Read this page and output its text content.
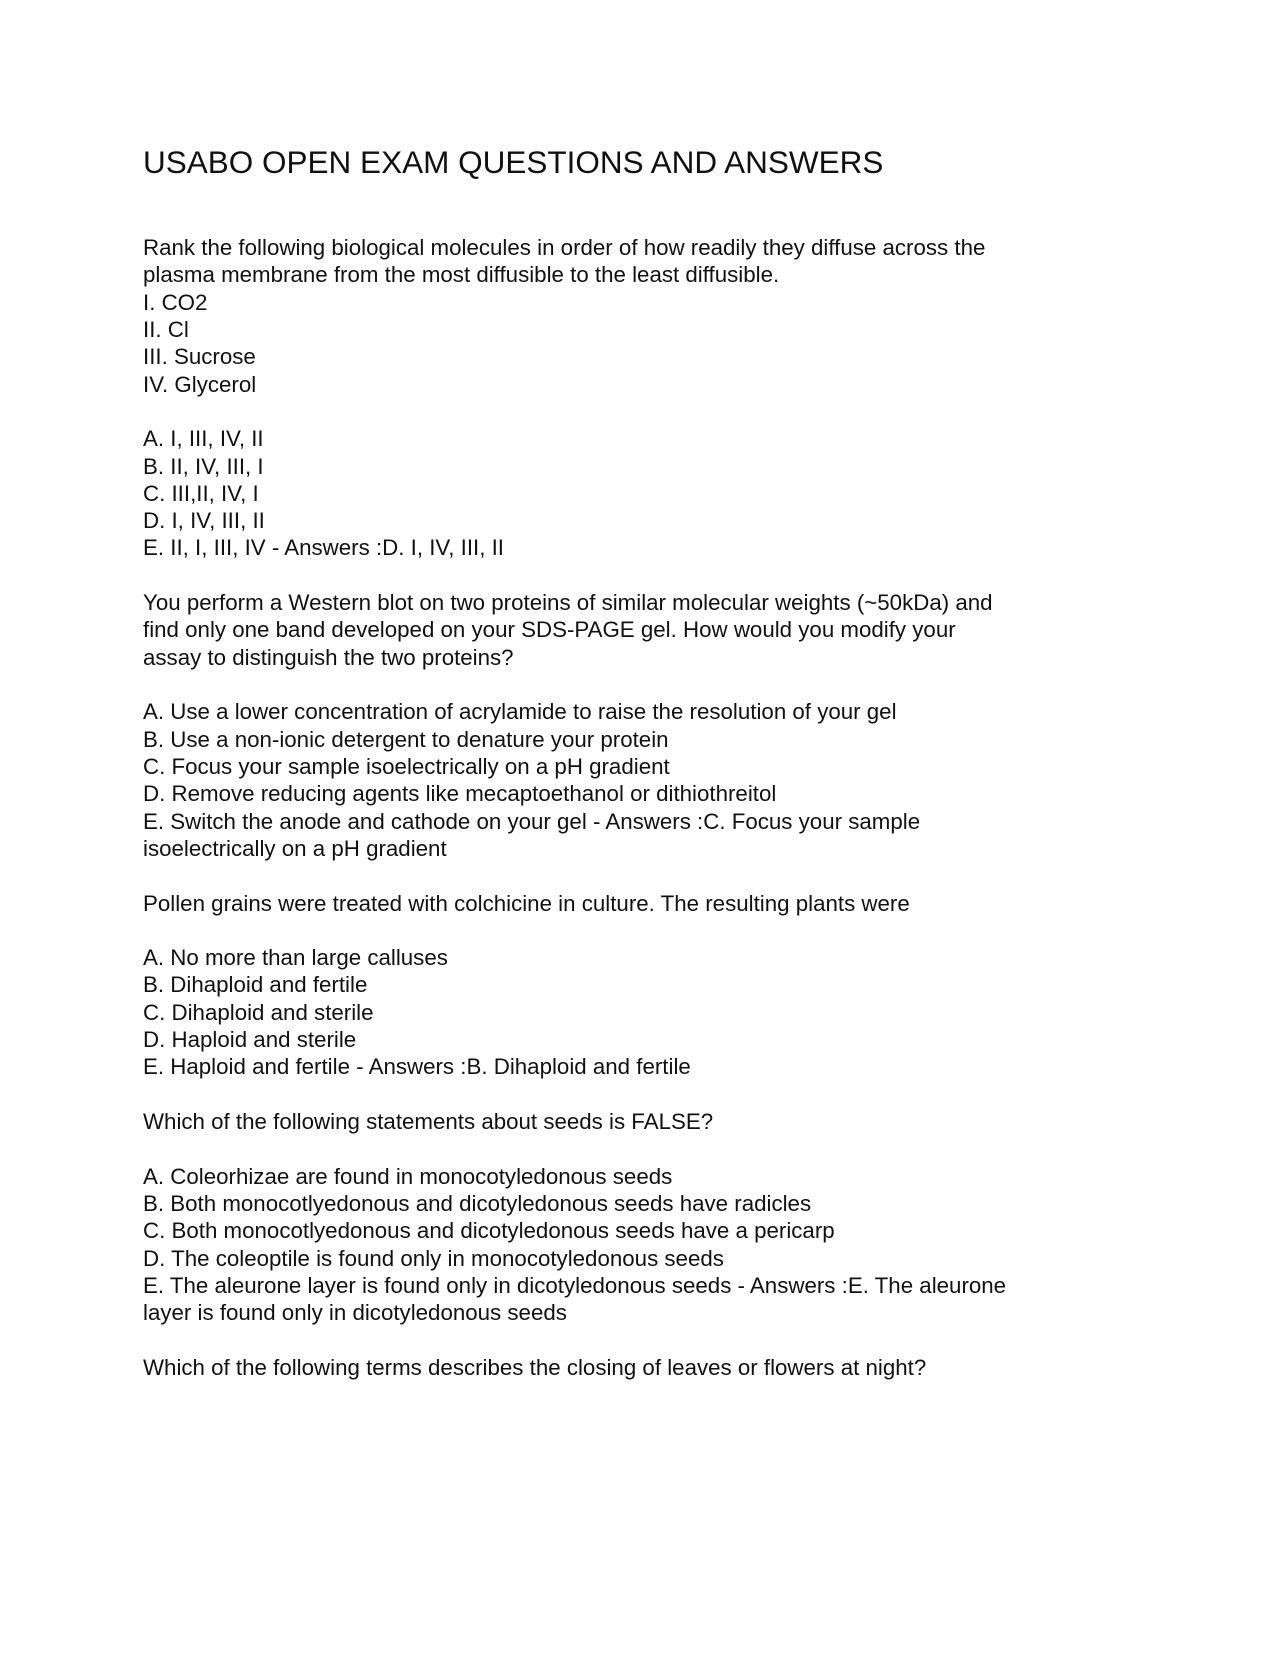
USABO OPEN EXAM QUESTIONS AND ANSWERS
Rank the following biological molecules in order of how readily they diffuse across the
plasma membrane from the most diffusible to the least diffusible.
I. CO2
II. Cl
III. Sucrose
IV. Glycerol
A. I, III, IV, II
B. II, IV, III, I
C. III,II, IV, I
D. I, IV, III, II
E. II, I, III, IV - Answers :D. I, IV, III, II
You perform a Western blot on two proteins of similar molecular weights (~50kDa) and
find only one band developed on your SDS-PAGE gel. How would you modify your
assay to distinguish the two proteins?
A. Use a lower concentration of acrylamide to raise the resolution of your gel
B. Use a non-ionic detergent to denature your protein
C. Focus your sample isoelectrically on a pH gradient
D. Remove reducing agents like mecaptoethanol or dithiothreitol
E. Switch the anode and cathode on your gel - Answers :C. Focus your sample
isoelectrically on a pH gradient
Pollen grains were treated with colchicine in culture. The resulting plants were
A. No more than large calluses
B. Dihaploid and fertile
C. Dihaploid and sterile
D. Haploid and sterile
E. Haploid and fertile - Answers :B. Dihaploid and fertile
Which of the following statements about seeds is FALSE?
A. Coleorhizae are found in monocotyledonous seeds
B. Both monocotlyedonous and dicotyledonous seeds have radicles
C. Both monocotlyedonous and dicotyledonous seeds have a pericarp
D. The coleoptile is found only in monocotyledonous seeds
E. The aleurone layer is found only in dicotyledonous seeds - Answers :E. The aleurone
layer is found only in dicotyledonous seeds
Which of the following terms describes the closing of leaves or flowers at night?
